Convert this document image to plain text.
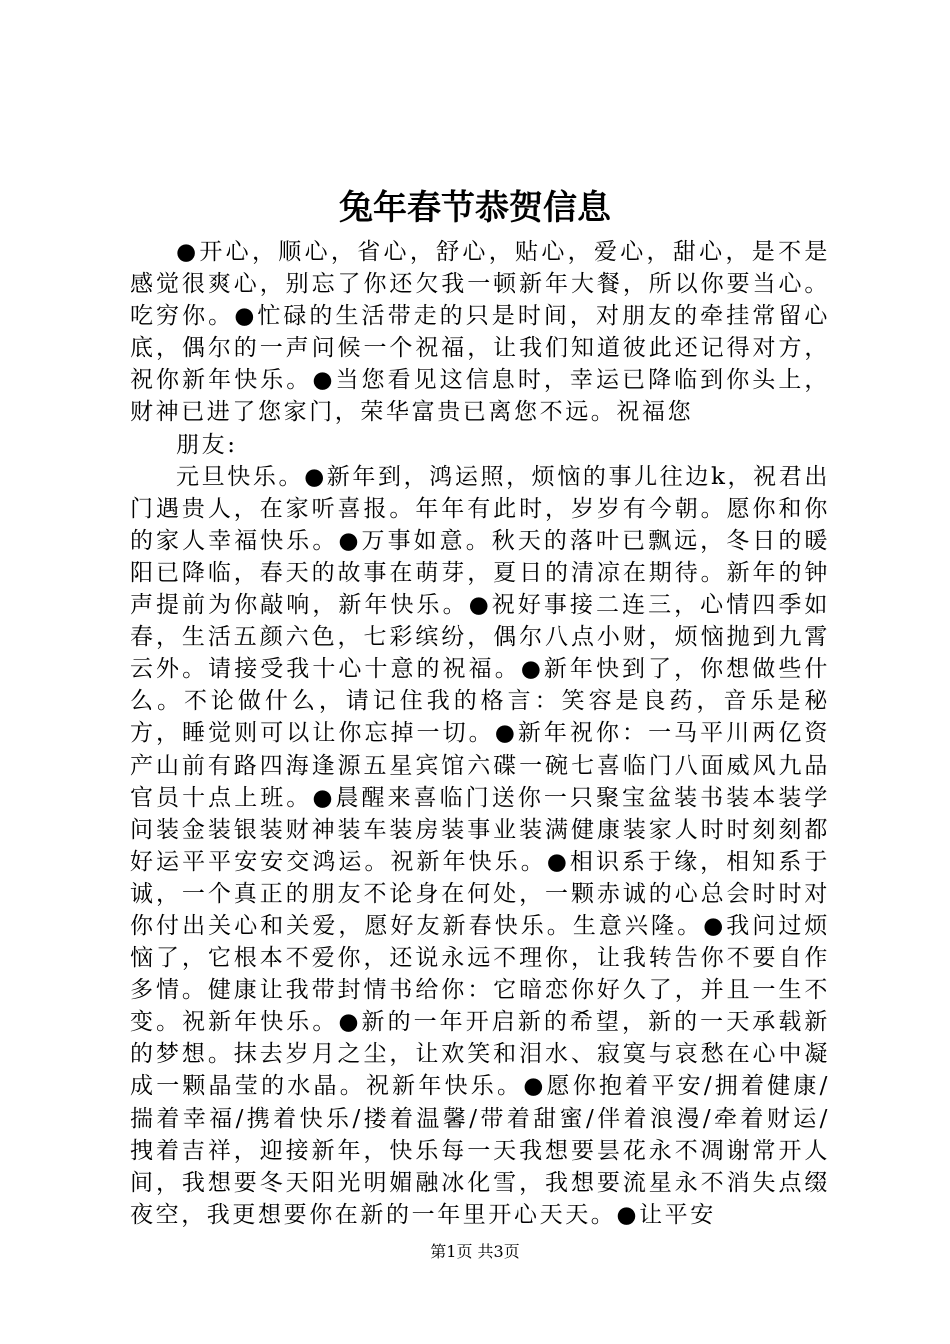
兔年春节恭贺信息

●开心，顺心，省心，舒心，贴心，爱心，甜心，是不是感觉很爽心，别忘了你还欠我一顿新年大餐，所以你要当心。吃穷你。●忙碌的生活带走的只是时间，对朋友的牵挂常留心底，偶尔的一声问候一个祝福，让我们知道彼此还记得对方，祝你新年快乐。●当您看见这信息时，幸运已降临到你头上，财神已进了您家门，荣华富贵已离您不远。祝福您

朋友:

元旦快乐。●新年到，鸿运照，烦恼的事儿往边k，祝君出门遇贵人，在家听喜报。年年有此时，岁岁有今朝。愿你和你的家人幸福快乐。●万事如意。秋天的落叶已飘远，冬日的暖阳已降临，春天的故事在萌芽，夏日的清凉在期待。新年的钟声提前为你敲响，新年快乐。●祝好事接二连三，心情四季如春，生活五颜六色，七彩缤纷，偶尔八点小财，烦恼抛到九霄云外。请接受我十心十意的祝福。●新年快到了，你想做些什么。不论做什么，请记住我的格言：笑容是良药，音乐是秘方，睡觉则可以让你忘掉一切。●新年祝你：一马平川两亿资产山前有路四海逢源五星宾馆六碟一碗七喜临门八面威风九品官员十点上班。●晨醒来喜临门送你一只聚宝盆装书装本装学问装金装银装财神装车装房装事业装满健康装家人时时刻刻都好运平平安安交鸿运。祝新年快乐。●相识系于缘，相知系于诚，一个真正的朋友不论身在何处，一颗赤诚的心总会时时对你付出关心和关爱，愿好友新春快乐。生意兴隆。●我问过烦恼了，它根本不爱你，还说永远不理你，让我转告你不要自作多情。健康让我带封情书给你：它暗恋你好久了，并且一生不变。祝新年快乐。●新的一年开启新的希望，新的一天承载新的梦想。抹去岁月之尘，让欢笑和泪水、寂寞与哀愁在心中凝成一颗晶莹的水晶。祝新年快乐。●愿你抱着平安/拥着健康/揣着幸福/携着快乐/搂着温馨/带着甜蜜/伴着浪漫/牵着财运/拽着吉祥，迎接新年，快乐每一天我想要昙花永不凋谢常开人间，我想要冬天阳光明媚融冰化雪，我想要流星永不消失点缀夜空，我更想要你在新的一年里开心天天。●让平安

第1页 共3页
